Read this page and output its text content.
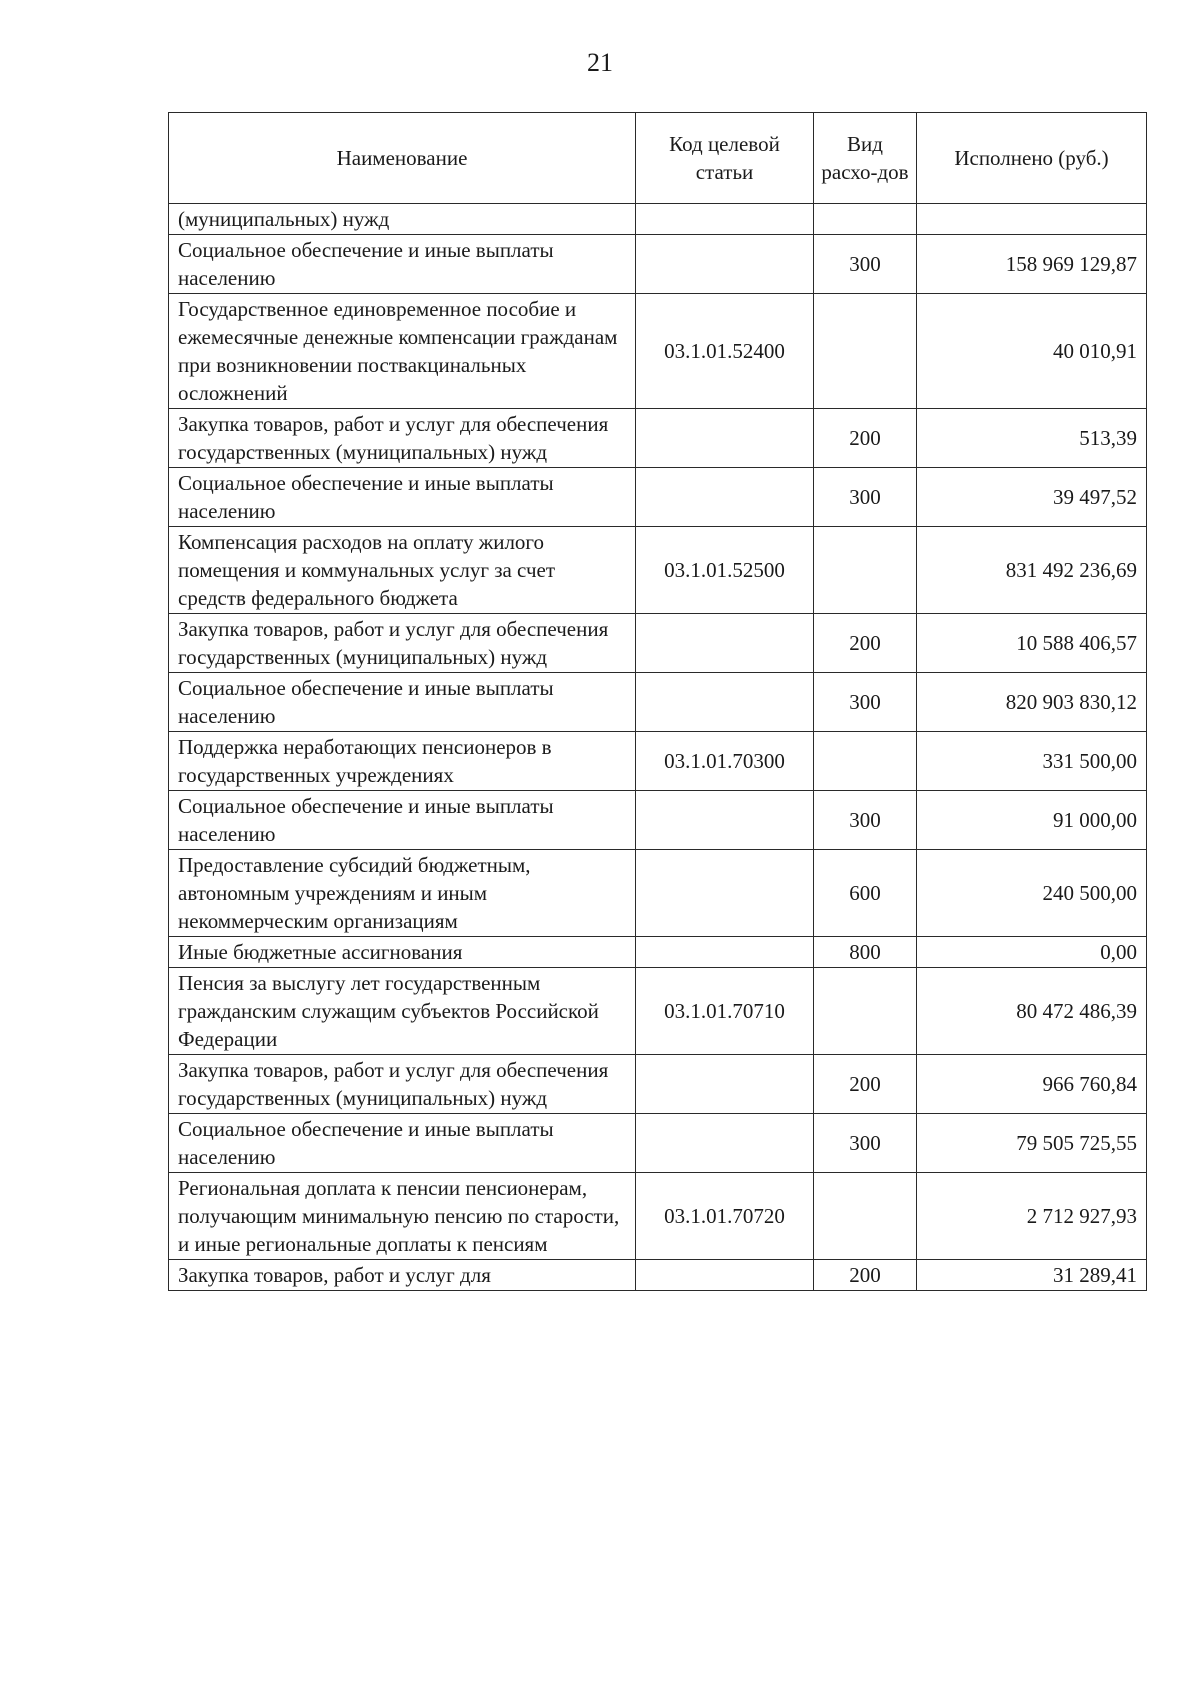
21
Наименование	Код целевой статьи	Вид расхо-дов	Исполнено (руб.)
(муниципальных) нужд			
Социальное обеспечение и иные выплаты населению		300	158 969 129,87
Государственное единовременное пособие и ежемесячные денежные компенсации гражданам при возникновении поствакцинальных осложнений	03.1.01.52400		40 010,91
Закупка товаров, работ и услуг для обеспечения государственных (муниципальных) нужд		200	513,39
Социальное обеспечение и иные выплаты населению		300	39 497,52
Компенсация расходов на оплату жилого помещения и коммунальных услуг за счет средств федерального бюджета	03.1.01.52500		831 492 236,69
Закупка товаров, работ и услуг для обеспечения государственных (муниципальных) нужд		200	10 588 406,57
Социальное обеспечение и иные выплаты населению		300	820 903 830,12
Поддержка неработающих пенсионеров в государственных учреждениях	03.1.01.70300		331 500,00
Социальное обеспечение и иные выплаты населению		300	91 000,00
Предоставление субсидий бюджетным, автономным учреждениям и иным некоммерческим организациям		600	240 500,00
Иные бюджетные ассигнования		800	0,00
Пенсия за выслугу лет государственным гражданским служащим субъектов Российской Федерации	03.1.01.70710		80 472 486,39
Закупка товаров, работ и услуг для обеспечения государственных (муниципальных) нужд		200	966 760,84
Социальное обеспечение и иные выплаты населению		300	79 505 725,55
Региональная доплата к пенсии пенсионерам, получающим минимальную пенсию по старости, и иные региональные доплаты к пенсиям	03.1.01.70720		2 712 927,93
Закупка товаров, работ и услуг для		200	31 289,41
